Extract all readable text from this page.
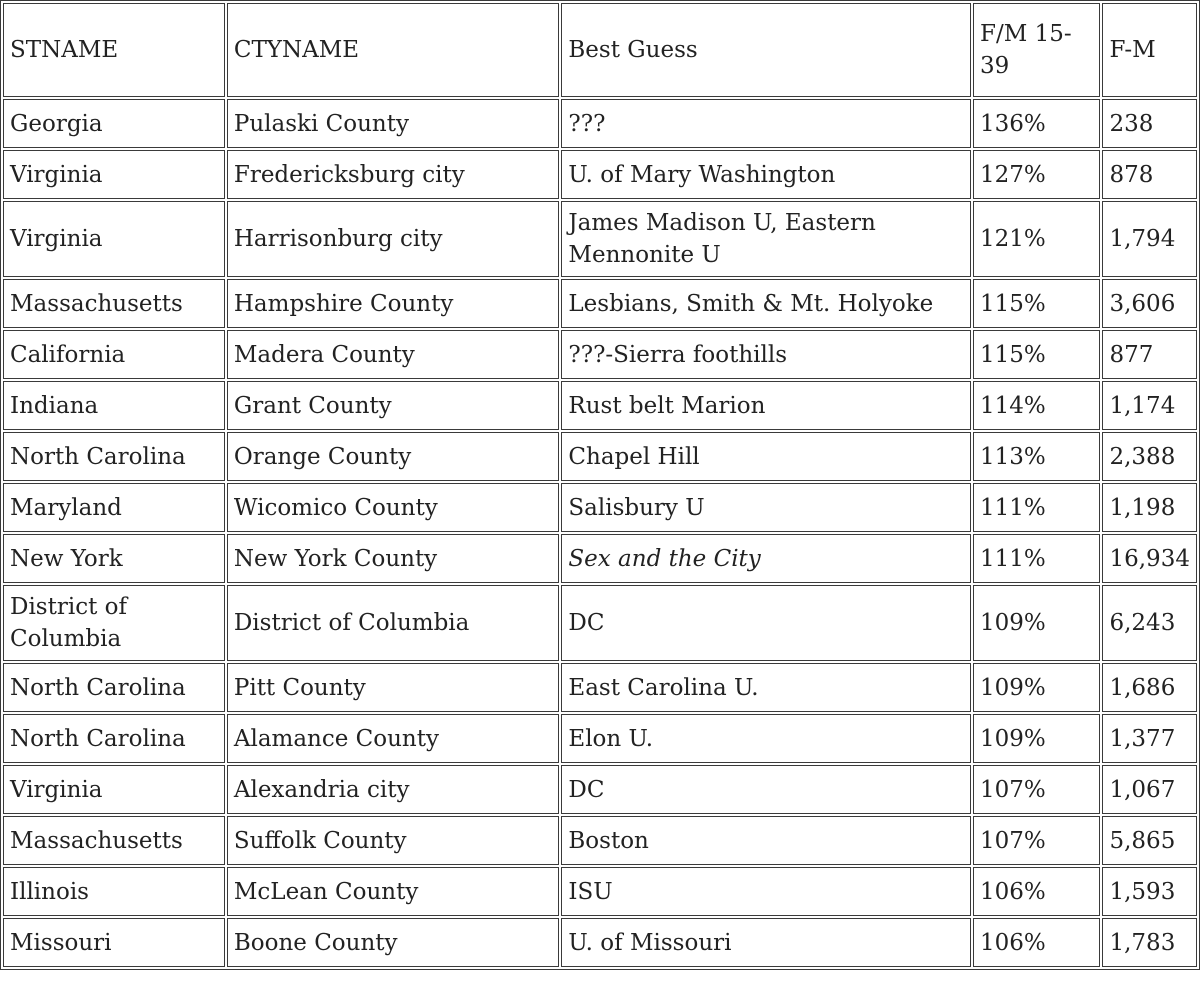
STNAME	CTYNAME	Best Guess	F/M 15-39	F-M
Georgia	Pulaski County	???	136%	238
Virginia	Fredericksburg city	U. of Mary Washington	127%	878
Virginia	Harrisonburg city	James Madison U, Eastern Mennonite U	121%	1,794
Massachusetts	Hampshire County	Lesbians, Smith & Mt. Holyoke	115%	3,606
California	Madera County	???-Sierra foothills	115%	877
Indiana	Grant County	Rust belt Marion	114%	1,174
North Carolina	Orange County	Chapel Hill	113%	2,388
Maryland	Wicomico County	Salisbury U	111%	1,198
New York	New York County	Sex and the City	111%	16,934
District of Columbia	District of Columbia	DC	109%	6,243
North Carolina	Pitt County	East Carolina U.	109%	1,686
North Carolina	Alamance County	Elon U.	109%	1,377
Virginia	Alexandria city	DC	107%	1,067
Massachusetts	Suffolk County	Boston	107%	5,865
Illinois	McLean County	ISU	106%	1,593
Missouri	Boone County	U. of Missouri	106%	1,783
